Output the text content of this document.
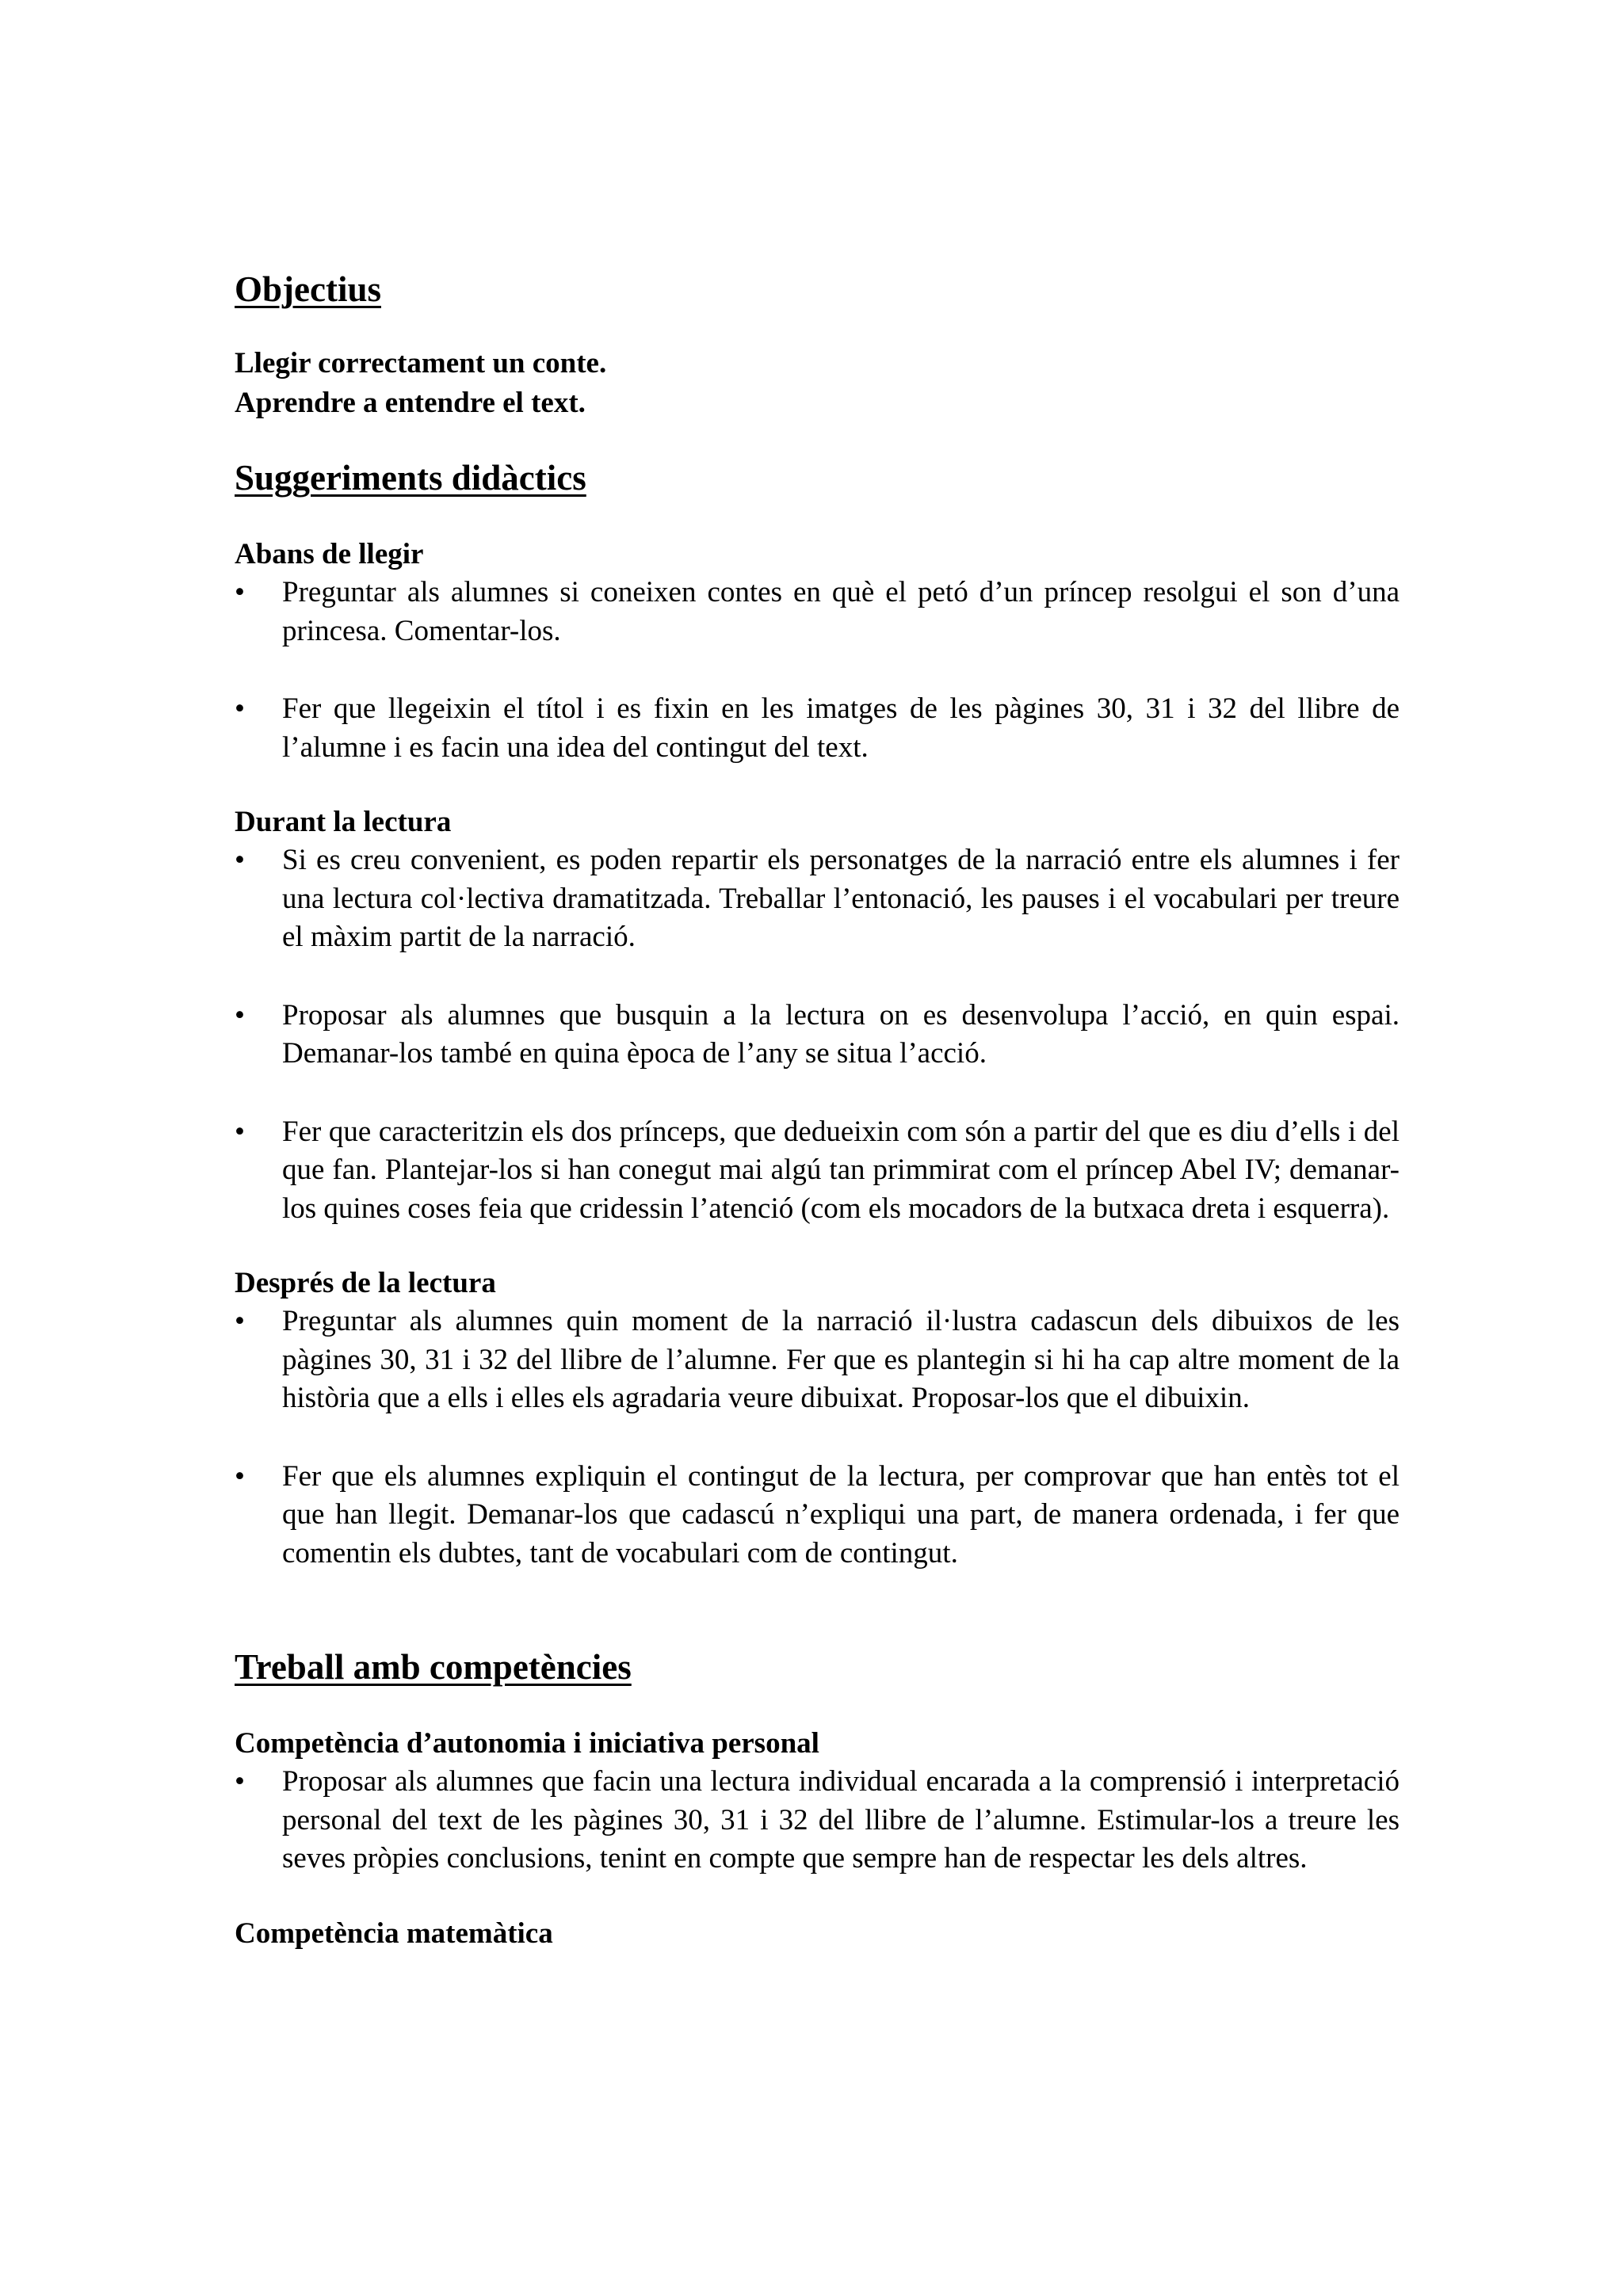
Objectius
Llegir correctament un conte.
Aprendre a entendre el text.
Suggeriments didàctics
Abans de llegir
•	Preguntar als alumnes si coneixen contes en què el petó d’un príncep resolgui el son d’una princesa. Comentar-los.
•	Fer que llegeixin el títol i es fixin en les imatges de les pàgines 30, 31 i 32 del llibre de l’alumne i es facin una idea del contingut del text.
Durant la lectura
•	Si es creu convenient, es poden repartir els personatges de la narració entre els alumnes i fer una lectura col·lectiva dramatitzada. Treballar l’entonació, les pauses i el vocabulari per treure el màxim partit de la narració.
•	Proposar als alumnes que busquin a la lectura on es desenvolupa l’acció, en quin espai. Demanar-los també en quina època de l’any se situa l’acció.
•	Fer que caracteritzin els dos prínceps, que dedueixin com són a partir del que es diu d’ells i del que fan. Plantejar-los si han conegut mai algú tan primmirat com el príncep Abel IV; demanar-los quines coses feia que cridessin l’atenció (com els mocadors de la butxaca dreta i esquerra).
Després de la lectura
•	Preguntar als alumnes quin moment de la narració il·lustra cadascun dels dibuixos de les pàgines 30, 31 i 32 del llibre de l’alumne. Fer que es plantegin si hi ha cap altre moment de la història que a ells i elles els agradaria veure dibuixat. Proposar-los que el dibuixin.
•	Fer que els alumnes expliquin el contingut de la lectura, per comprovar que han entès tot el que han llegit. Demanar-los que cadascú n’expliqui una part, de manera ordenada, i fer que comentin els dubtes, tant de vocabulari com de contingut.
Treball amb competències
Competència d’autonomia i iniciativa personal
•	Proposar als alumnes que facin una lectura individual encarada a la comprensió i interpretació personal del text de les pàgines 30, 31 i 32 del llibre de l’alumne. Estimular-los a treure les seves pròpies conclusions, tenint en compte que sempre han de respectar les dels altres.
Competència matemàtica
